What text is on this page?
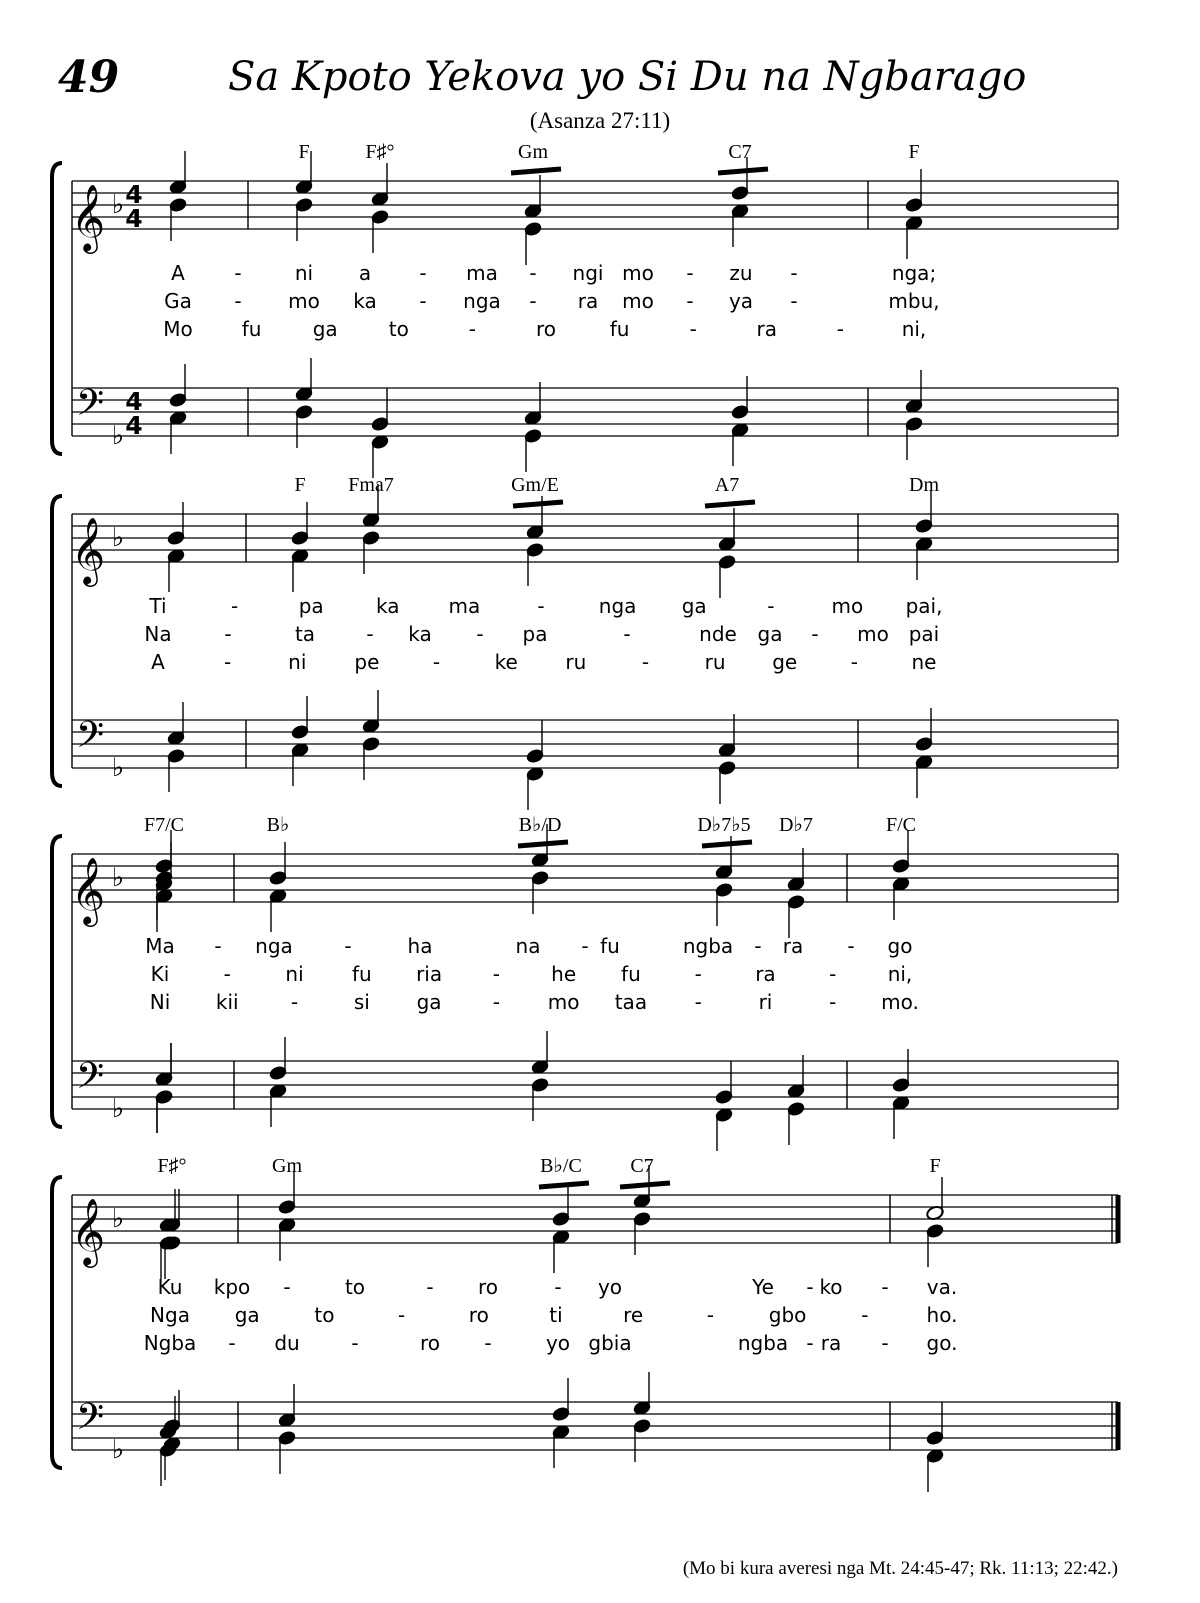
49	Sa Kpoto Yekova yo Si Du na Ngbarago
(Asanza 27:11)
(Mo bi kura averesi nga Mt. 24:45-47; Rk. 11:13; 22:42.)
𝄞 ♭ 4
4
𝄢
♭
4
4
F	F♯°	Gm	C7	F
A -	ni a - ma - ngi mo - zu -	nga;
Ga - mo ka - nga - ra mo - ya -	mbu,
Mo fu	ga	to	-	ro	fu	-	ra	-	ni,
𝄞 ♭
𝄢
♭
F Fma7	Gm/E	A7	Dm
Ti	-	pa	ka ma	-	nga ga	-	mo pai,
Na	-	ta	- ka - pa	-	nde ga - mo pai
A	-	ni pe	-	ke ru	-	ru ge	-	ne
𝄞 ♭
𝄢
♭
F7/C	B♭	B♭/D	D♭7♭5 D♭7	F/C
Ma - nga	-	ha	na - fu	ngba - ra - go
Ki	-	ni fu ria	-	he fu	-	ra	-	ni,
Ni kii	-	si ga	- mo taa -	ri	- mo.
𝄞 ♭
𝄢
♭
F♯°	Gm	B♭/C C7	F
Ku kpo -	to	- ro	- yo	Ye - ko - va.
Nga ga	to	-	ro	ti	re	-	gbo	-	ho.
Ngba - du	-	ro -	yo gbia	ngba - ra - go.
